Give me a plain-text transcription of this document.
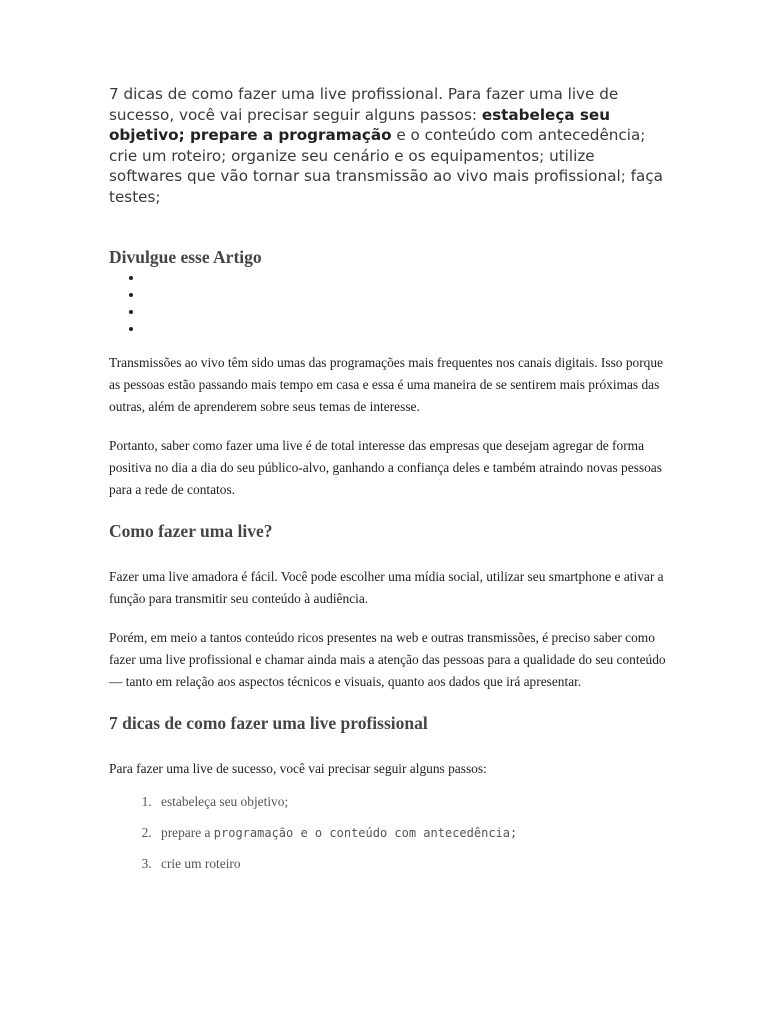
7 dicas de como fazer uma live profissional. Para fazer uma live de sucesso, você vai precisar seguir alguns passos: estabeleça seu objetivo; prepare a programação e o conteúdo com antecedência; crie um roteiro; organize seu cenário e os equipamentos; utilize softwares que vão tornar sua transmissão ao vivo mais profissional; faça testes;

Divulgue esse Artigo
•
•
•
•

Transmissões ao vivo têm sido umas das programações mais frequentes nos canais digitais. Isso porque as pessoas estão passando mais tempo em casa e essa é uma maneira de se sentirem mais próximas das outras, além de aprenderem sobre seus temas de interesse.

Portanto, saber como fazer uma live é de total interesse das empresas que desejam agregar de forma positiva no dia a dia do seu público-alvo, ganhando a confiança deles e também atraindo novas pessoas para a rede de contatos.

Como fazer uma live?

Fazer uma live amadora é fácil. Você pode escolher uma mídia social, utilizar seu smartphone e ativar a função para transmitir seu conteúdo à audiência.

Porém, em meio a tantos conteúdo ricos presentes na web e outras transmissões, é preciso saber como fazer uma live profissional e chamar ainda mais a atenção das pessoas para a qualidade do seu conteúdo — tanto em relação aos aspectos técnicos e visuais, quanto aos dados que irá apresentar.

7 dicas de como fazer uma live profissional

Para fazer uma live de sucesso, você vai precisar seguir alguns passos:

1. estabeleça seu objetivo;
2. prepare a programação e o conteúdo com antecedência;
3. crie um roteiro
